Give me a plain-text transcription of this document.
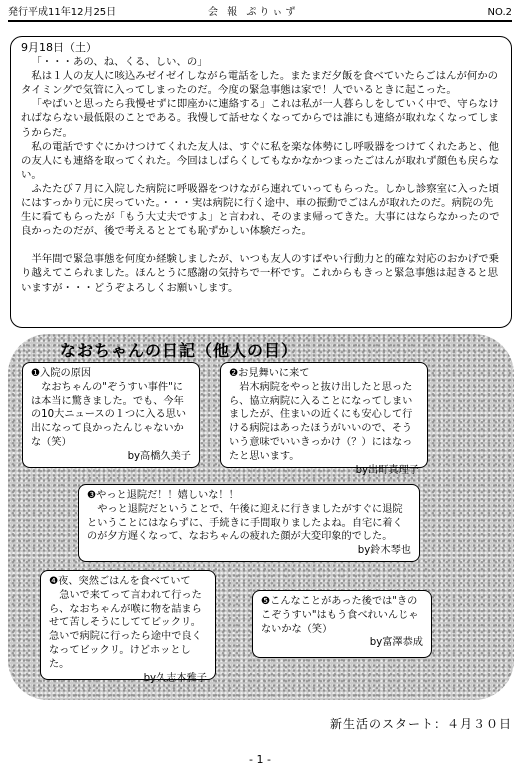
発行平成11年12月25日	会 報 ぷりぃず	NO.2
9月18日（土）

「・・・あの、ね、くる、しい、の」

私は１人の友人に咳込みゼイゼイしながら電話をした。またまだ夕飯を食べていたらごはんが何かのタイミングで気管に入ってしまったのだ。今度の緊急事態は家で！人でいるときに起こった。

「やばいと思ったら我慢せずに即座かに連絡する」これは私が一人暮らしをしていく中で、守らなければならない最低限のことである。我慢して話せなくなってからでは誰にも連絡が取れなくなってしまうからだ。

私の電話ですぐにかけつけてくれた友人は、すぐに私を楽な体勢にし呼吸器をつけてくれたあと、他の友人にも連絡を取ってくれた。今回はしばらくしてもなかなかつまったごはんが取れず顔色も戻らない。

ふたたび７月に入院した病院に呼吸器をつけながら連れていってもらった。しかし診察室に入った頃にはすっかり元に戻っていた。・・・実は病院に行く途中、車の振動でごはんが取れたのだ。病院の先生に看てもらったが「もう大丈夫ですよ」と言われ、そのまま帰ってきた。大事にはならなかったので良かったのだが、後で考えるととても恥ずかしい体験だった。

半年間で緊急事態を何度か経験しましたが、いつも友人のすばやい行動力と的確な対応のおかげで乗り越えてこられました。ほんとうに感謝の気持ちで一杯です。これからもきっと緊急事態は起きると思いますが・・・どうぞよろしくお願いします。

なおちゃんの日記（他人の目）
❶入院の原因
なおちゃんの"ぞうすい事件"には本当に驚きました。でも、今年の10大ニュースの１つに入る思い出になって良かったんじゃないかな（笑）
by高橋久美子
❷お見舞いに来て
岩木病院をやっと抜け出したと思ったら、協立病院に入ることになってしまいましたが、住まいの近くにも安心して行ける病院はあったほうがいいので、そういう意味でいいきっかけ（？）にはなったと思います。
by出町真理子
❸やっと退院だ！！嬉しいな！！
やっと退院だということで、午後に迎えに行きましたがすぐに退院ということにはならずに、手続きに手間取りましたよね。自宅に着くのが夕方遅くなって、なおちゃんの疲れた顔が大変印象的でした。
by鈴木琴也
❹夜、突然ごはんを食べていて
急いで来てって言われて行ったら、なおちゃんが喉に物を詰まらせて苦しそうにしててビックリ。急いで病院に行ったら途中で良くなってビックリ。けどホッとした。
by久志本雅子
❺こんなことがあった後では"きのこぞうすい"はもう食べれいんじゃないかな（笑）
by富澤恭成
新生活のスタート：４月３０日
- 1 -
